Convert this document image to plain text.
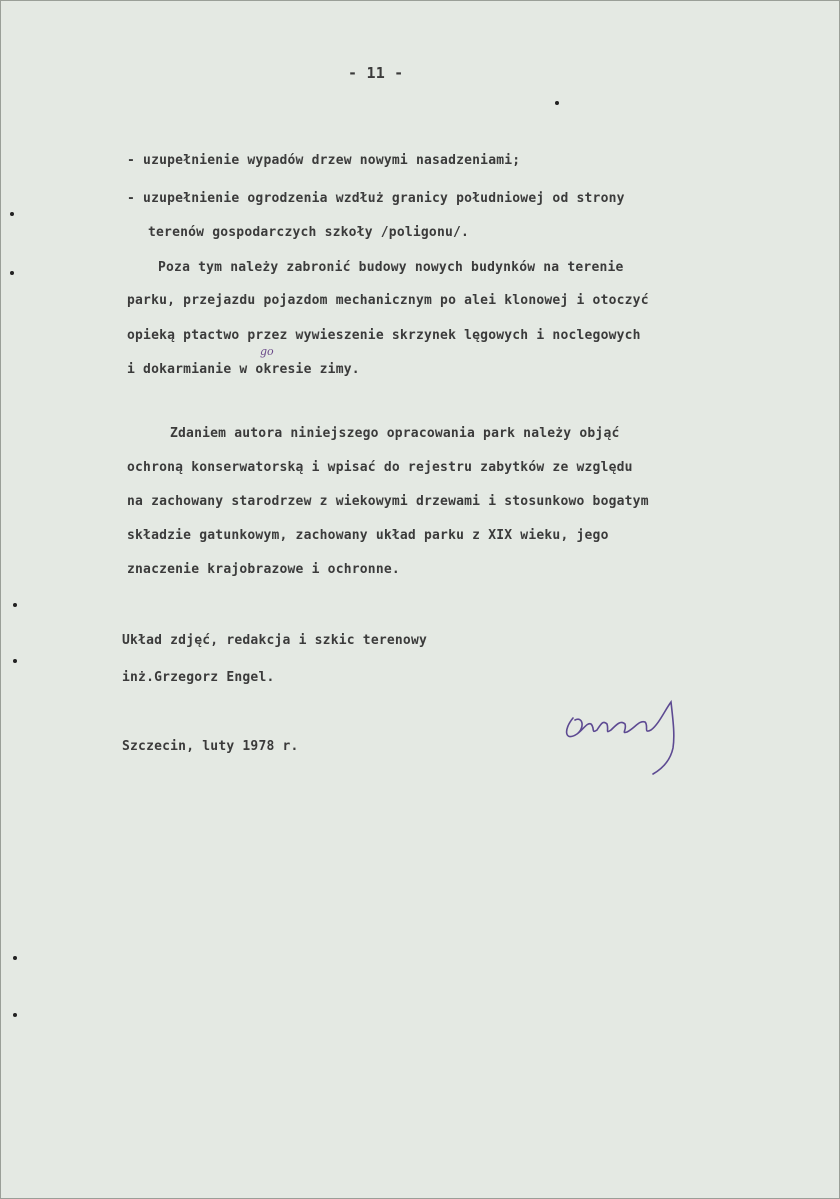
- 11 -
- uzupełnienie wypadów drzew nowymi nasadzeniami;
- uzupełnienie ogrodzenia wzdłuż granicy południowej od strony
terenów gospodarczych szkoły /poligonu/.
Poza tym należy zabronić budowy nowych budynków na terenie
parku, przejazdu pojazdom mechanicznym po alei klonowej i otoczyć
opieką ptactwo przez wywieszenie skrzynek lęgowych i noclegowych
i dokarmianie w okresie zimy.
go
Zdaniem autora niniejszego opracowania park należy objąć
ochroną konserwatorską i wpisać do rejestru zabytków ze względu
na zachowany starodrzew z wiekowymi drzewami i stosunkowo bogatym
składzie gatunkowym, zachowany układ parku z XIX wieku, jego
znaczenie krajobrazowe i ochronne.
Układ zdjęć, redakcja i szkic terenowy
inż.Grzegorz Engel.
Szczecin, luty 1978 r.
